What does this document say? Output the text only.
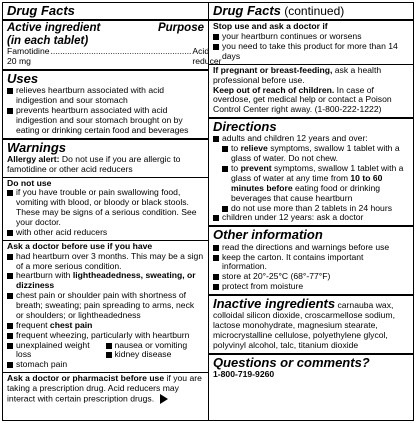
Drug Facts
Active ingredient
(in each tablet)
Purpose
Famotidine 20 mg
........................................................... Acid reducer
Uses
relieves heartburn associated with acid indigestion and sour stomach
prevents heartburn associated with acid indigestion and sour stomach brought on by eating or drinking certain food and beverages
Warnings
Allergy alert: Do not use if you are allergic to famotidine or other acid reducers
Do not use
if you have trouble or pain swallowing food, vomiting with blood, or bloody or black stools. These may be signs of a serious condition. See your doctor.
with other acid reducers
Ask a doctor before use if you have
had heartburn over 3 months. This may be a sign of a more serious condition.
heartburn with lightheadedness, sweating, or dizziness
chest pain or shoulder pain with shortness of breath; sweating; pain spreading to arms, neck or shoulders; or lightheadedness
frequent chest pain
frequent wheezing, particularly with heartburn
unexplained weight loss
stomach pain
nausea or vomiting
kidney disease
Ask a doctor or pharmacist before use if you are taking a prescription drug. Acid reducers may interact with certain prescription drugs.
Drug Facts (continued)
Stop use and ask a doctor if
your heartburn continues or worsens
you need to take this product for more than 14 days
If pregnant or breast-feeding, ask a health professional before use.
Keep out of reach of children. In case of overdose, get medical help or contact a Poison Control Center right away. (1-800-222-1222)
Directions
adults and children 12 years and over:
to relieve symptoms, swallow 1 tablet with a glass of water. Do not chew.
to prevent symptoms, swallow 1 tablet with a glass of water at any time from 10 to 60 minutes before eating food or drinking beverages that cause heartburn
do not use more than 2 tablets in 24 hours
children under 12 years: ask a doctor
Other information
read the directions and warnings before use
keep the carton. It contains important information.
store at 20°-25°C (68°-77°F)
protect from moisture
Inactive ingredients carnauba wax, colloidal silicon dioxide, croscarmellose sodium, lactose monohydrate, magnesium stearate, microcrystalline cellulose, polyethylene glycol, polyvinyl alcohol, talc, titanium dioxide
Questions or comments?
1-800-719-9260
